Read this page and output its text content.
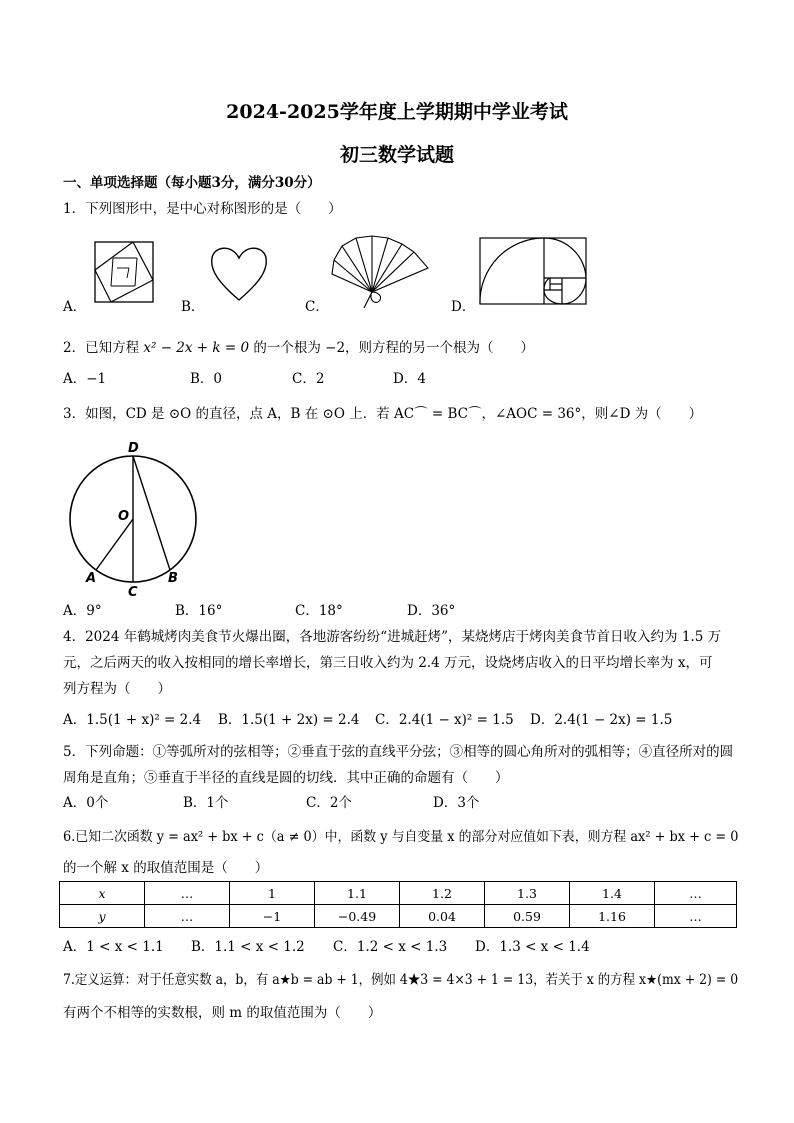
2024-2025学年度上学期期中学业考试
初三数学试题
一、单项选择题（每小题3分，满分30分）
1．下列图形中，是中心对称图形的是（　　）
A．	B．	C．	D．
2．已知方程 x² − 2x + k = 0 的一个根为 −2，则方程的另一个根为（　　）
A．−1	B．0	C．2	D．4
3．如图，CD 是 ⊙O 的直径，点 A，B 在 ⊙O 上．若 AC⌒ = BC⌒，∠AOC = 36°，则∠D 为（　　）
D
O
A
C
B
A．9°	B．16°	C．18°	D．36°
4．2024 年鹤城烤肉美食节火爆出圈，各地游客纷纷“进城赶烤”，某烧烤店于烤肉美食节首日收入约为 1.5 万
元，之后两天的收入按相同的增长率增长，第三日收入约为 2.4 万元，设烧烤店收入的日平均增长率为 x，可
列方程为（　　）
A．1.5(1 + x)² = 2.4 B．1.5(1 + 2x) = 2.4 C．2.4(1 − x)² = 1.5 D．2.4(1 − 2x) = 1.5
5．下列命题：①等弧所对的弦相等；②垂直于弦的直线平分弦；③相等的圆心角所对的弧相等；④直径所对的圆
周角是直角；⑤垂直于半径的直线是圆的切线．其中正确的命题有（　　）
A．0个	B．1个	C．2个	D．3个
6.已知二次函数 y = ax² + bx + c（a ≠ 0）中，函数 y 与自变量 x 的部分对应值如下表，则方程 ax² + bx + c = 0
的一个解 x 的取值范围是（　　）
x	…	1	1.1	1.2	1.3	1.4	…
y	…	−1	−0.49	0.04	0.59	1.16	…
A．1 < x < 1.1 B．1.1 < x < 1.2 C．1.2 < x < 1.3 D．1.3 < x < 1.4
7.定义运算：对于任意实数 a，b，有 a★b = ab + 1，例如 4★3 = 4×3 + 1 = 13，若关于 x 的方程 x★(mx + 2) = 0
有两个不相等的实数根，则 m 的取值范围为（　　）
